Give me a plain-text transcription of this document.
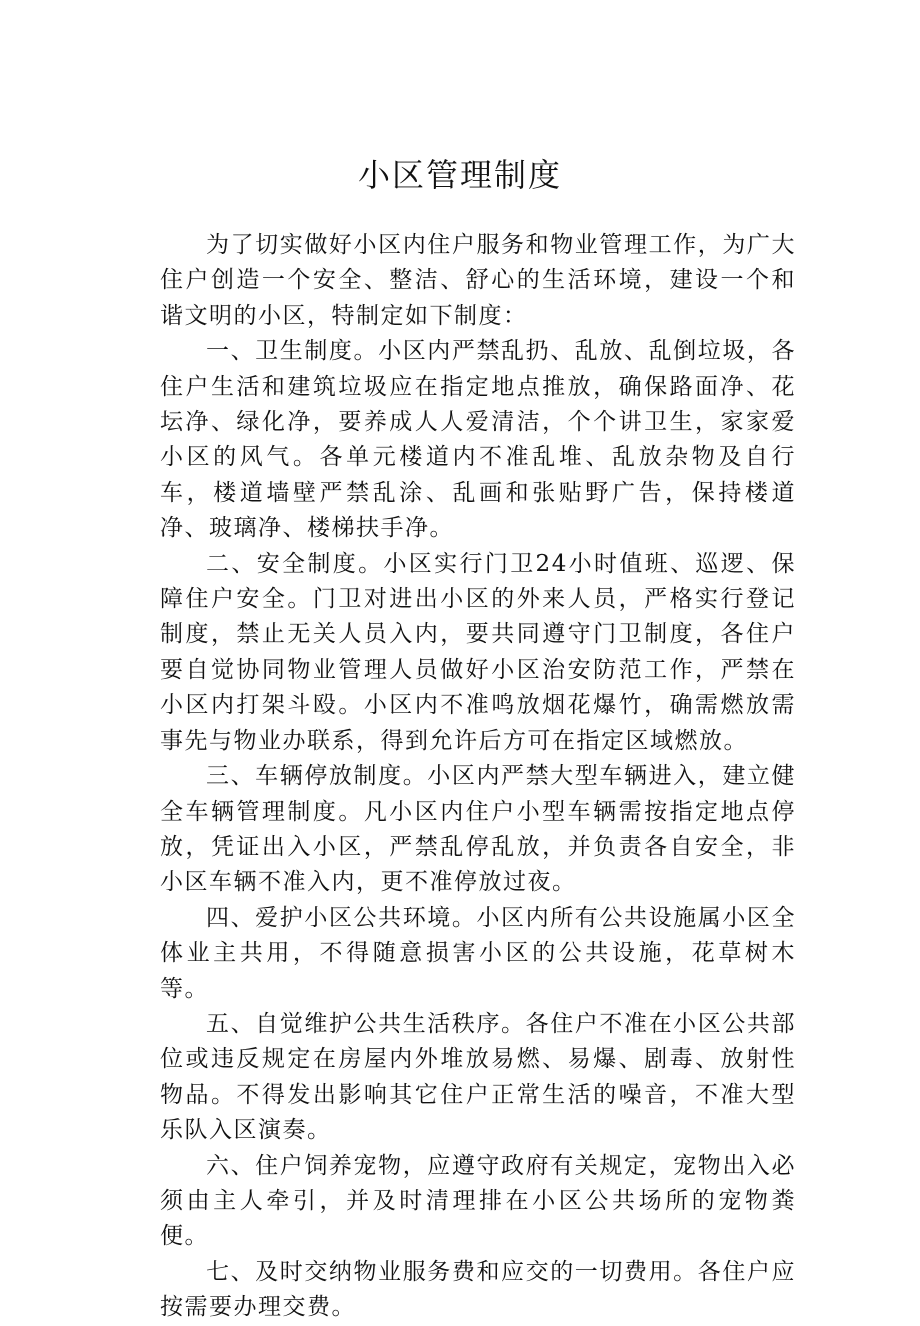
小区管理制度

为了切实做好小区内住户服务和物业管理工作，为广大住户创造一个安全、整洁、舒心的生活环境，建设一个和谐文明的小区，特制定如下制度：

一、卫生制度。小区内严禁乱扔、乱放、乱倒垃圾，各住户生活和建筑垃圾应在指定地点推放，确保路面净、花坛净、绿化净，要养成人人爱清洁，个个讲卫生，家家爱小区的风气。各单元楼道内不准乱堆、乱放杂物及自行车，楼道墙壁严禁乱涂、乱画和张贴野广告，保持楼道净、玻璃净、楼梯扶手净。

二、安全制度。小区实行门卫24小时值班、巡逻、保障住户安全。门卫对进出小区的外来人员，严格实行登记制度，禁止无关人员入内，要共同遵守门卫制度，各住户要自觉协同物业管理人员做好小区治安防范工作，严禁在小区内打架斗殴。小区内不准鸣放烟花爆竹，确需燃放需事先与物业办联系，得到允许后方可在指定区域燃放。

三、车辆停放制度。小区内严禁大型车辆进入，建立健全车辆管理制度。凡小区内住户小型车辆需按指定地点停放，凭证出入小区，严禁乱停乱放，并负责各自安全，非小区车辆不准入内，更不准停放过夜。

四、爱护小区公共环境。小区内所有公共设施属小区全体业主共用，不得随意损害小区的公共设施，花草树木等。

五、自觉维护公共生活秩序。各住户不准在小区公共部位或违反规定在房屋内外堆放易燃、易爆、剧毒、放射性物品。不得发出影响其它住户正常生活的噪音，不准大型乐队入区演奏。

六、住户饲养宠物，应遵守政府有关规定，宠物出入必须由主人牵引，并及时清理排在小区公共场所的宠物粪便。

七、及时交纳物业服务费和应交的一切费用。各住户应按需要办理交费。
